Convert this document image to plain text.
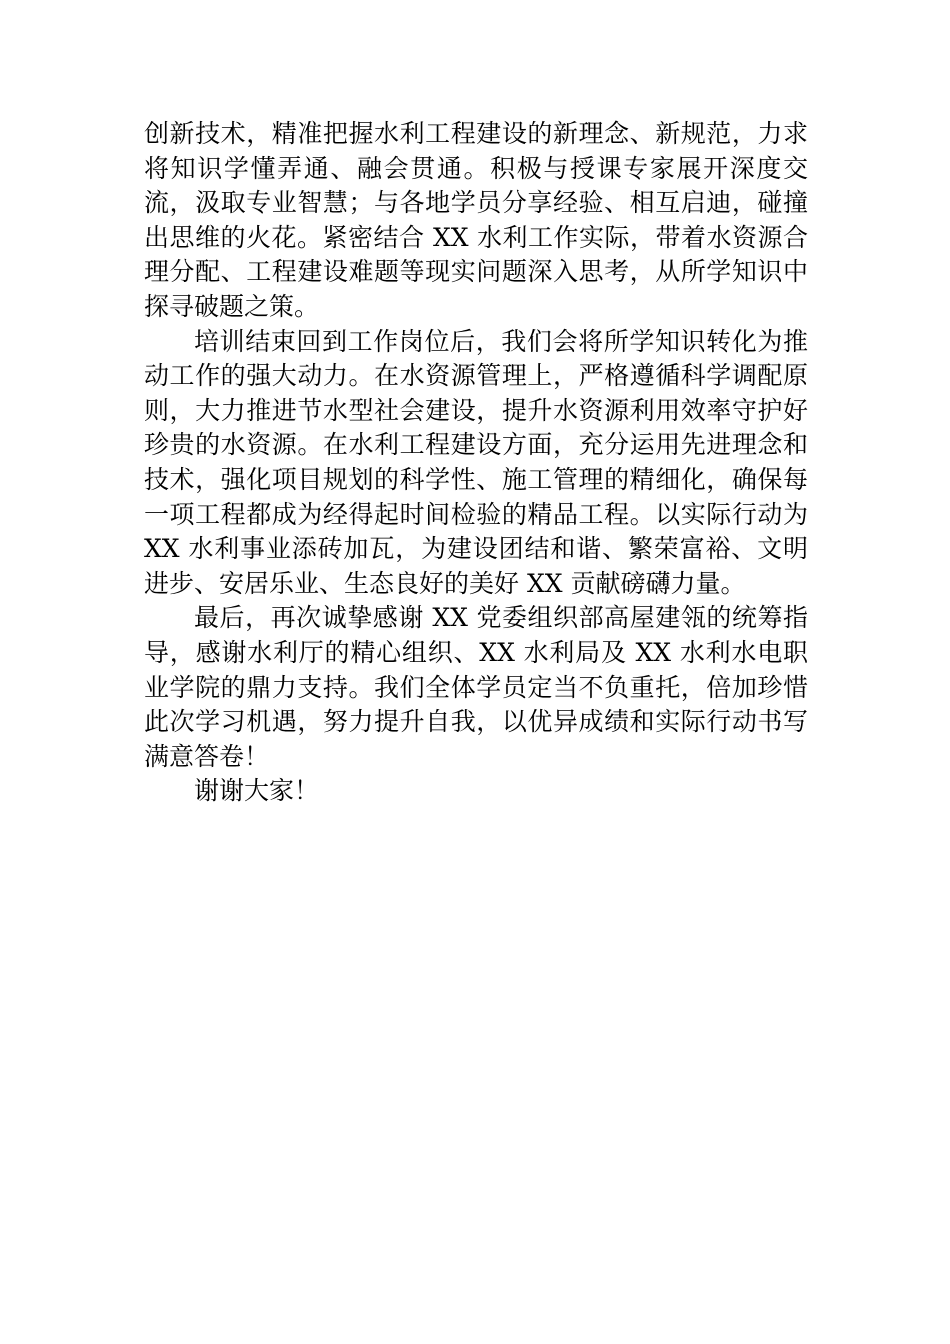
创新技术，精准把握水利工程建设的新理念、新规范，力求将知识学懂弄通、融会贯通。积极与授课专家展开深度交流，汲取专业智慧；与各地学员分享经验、相互启迪，碰撞出思维的火花。紧密结合 XX 水利工作实际，带着水资源合理分配、工程建设难题等现实问题深入思考，从所学知识中探寻破题之策。

培训结束回到工作岗位后，我们会将所学知识转化为推动工作的强大动力。在水资源管理上，严格遵循科学调配原则，大力推进节水型社会建设，提升水资源利用效率守护好珍贵的水资源。在水利工程建设方面，充分运用先进理念和技术，强化项目规划的科学性、施工管理的精细化，确保每一项工程都成为经得起时间检验的精品工程。以实际行动为 XX 水利事业添砖加瓦，为建设团结和谐、繁荣富裕、文明进步、安居乐业、生态良好的美好 XX 贡献磅礴力量。

最后，再次诚挚感谢 XX 党委组织部高屋建瓴的统筹指导，感谢水利厅的精心组织、XX 水利局及 XX 水利水电职业学院的鼎力支持。我们全体学员定当不负重托，倍加珍惜此次学习机遇，努力提升自我，以优异成绩和实际行动书写满意答卷！

谢谢大家！
